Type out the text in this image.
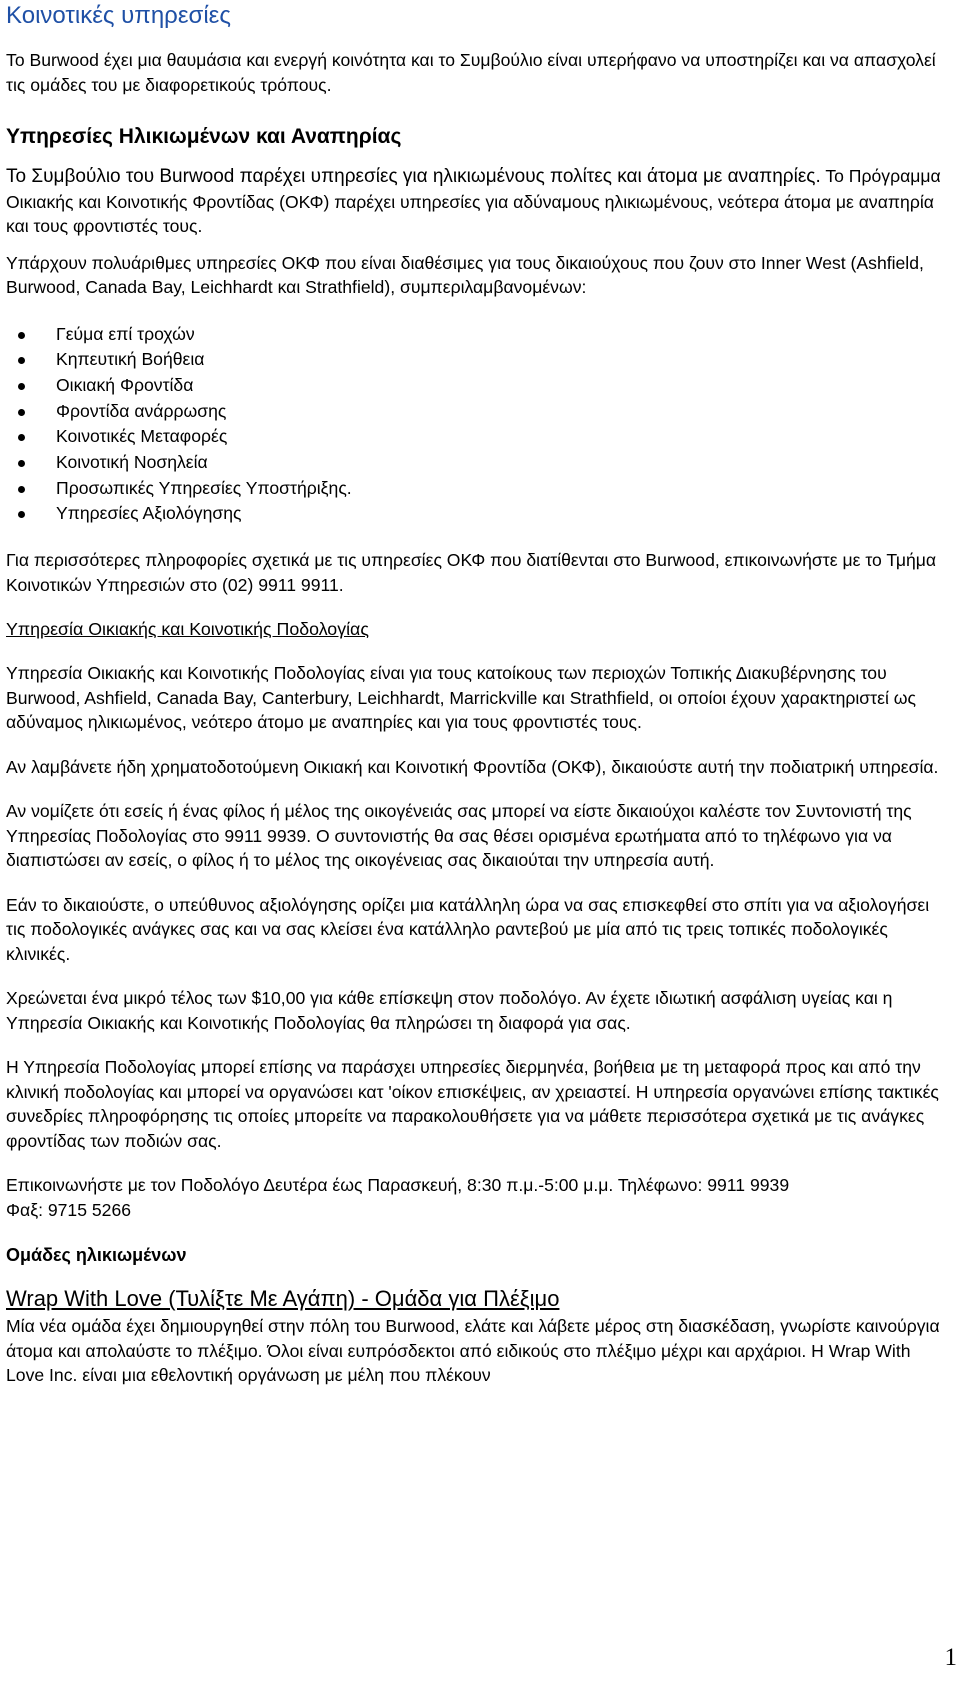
Κοινοτικές υπηρεσίες

Το Burwood έχει μια θαυμάσια και ενεργή κοινότητα και το Συμβούλιο είναι υπερήφανο να υποστηρίζει και να απασχολεί τις ομάδες του με διαφορετικούς τρόπους.

Υπηρεσίες Ηλικιωμένων και Αναπηρίας

Το Συμβούλιο του Burwood παρέχει υπηρεσίες για ηλικιωμένους πολίτες και άτομα με αναπηρίες. Το Πρόγραμμα Οικιακής και Κοινοτικής Φροντίδας (ΟΚΦ) παρέχει υπηρεσίες για αδύναμους ηλικιωμένους, νεότερα άτομα με αναπηρία και τους φροντιστές τους.

Υπάρχουν πολυάριθμες υπηρεσίες ΟΚΦ που είναι διαθέσιμες για τους δικαιούχους που ζουν στο Inner West (Ashfield, Burwood, Canada Bay, Leichhardt και Strathfield), συμπεριλαμβανομένων:

Γεύμα επί τροχών
Κηπευτική Βοήθεια
Οικιακή Φροντίδα
Φροντίδα ανάρρωσης
Κοινοτικές Μεταφορές
Κοινοτική Νοσηλεία
Προσωπικές Υπηρεσίες Υποστήριξης.
Υπηρεσίες Αξιολόγησης

Για περισσότερες πληροφορίες σχετικά με τις υπηρεσίες ΟΚΦ που διατίθενται στο Burwood, επικοινωνήστε με το Τμήμα Κοινοτικών Υπηρεσιών στο (02) 9911 9911.

Υπηρεσία Οικιακής και Κοινοτικής Ποδολογίας

Υπηρεσία Οικιακής και Κοινοτικής Ποδολογίας είναι για τους κατοίκους των περιοχών Τοπικής Διακυβέρνησης του Burwood, Ashfield, Canada Bay, Canterbury, Leichhardt, Marrickville και Strathfield, οι οποίοι έχουν χαρακτηριστεί ως αδύναμος ηλικιωμένος, νεότερο άτομο με αναπηρίες και για τους φροντιστές τους.

Αν λαμβάνετε ήδη χρηματοδοτούμενη Οικιακή και Κοινοτική Φροντίδα (ΟΚΦ), δικαιούστε αυτή την ποδιατρική υπηρεσία.

Αν νομίζετε ότι εσείς ή ένας φίλος ή μέλος της οικογένειάς σας μπορεί να είστε δικαιούχοι καλέστε τον Συντονιστή της Υπηρεσίας Ποδολογίας στο 9911 9939. Ο συντονιστής θα σας θέσει ορισμένα ερωτήματα από το τηλέφωνο για να διαπιστώσει αν εσείς, ο φίλος ή το μέλος της οικογένειας σας δικαιούται την υπηρεσία αυτή.

Εάν το δικαιούστε, ο υπεύθυνος αξιολόγησης ορίζει μια κατάλληλη ώρα να σας επισκεφθεί στο σπίτι για να αξιολογήσει τις ποδολογικές ανάγκες σας και να σας κλείσει ένα κατάλληλο ραντεβού με μία από τις τρεις τοπικές ποδολογικές κλινικές.

Χρεώνεται ένα μικρό τέλος των $10,00 για κάθε επίσκεψη στον ποδολόγο. Αν έχετε ιδιωτική ασφάλιση υγείας και η Υπηρεσία Οικιακής και Κοινοτικής Ποδολογίας θα πληρώσει τη διαφορά για σας.

Η Υπηρεσία Ποδολογίας μπορεί επίσης να παράσχει υπηρεσίες διερμηνέα, βοήθεια με τη μεταφορά προς και από την κλινική ποδολογίας και μπορεί να οργανώσει κατ 'οίκον επισκέψεις, αν χρειαστεί. Η υπηρεσία οργανώνει επίσης τακτικές συνεδρίες πληροφόρησης τις οποίες μπορείτε να παρακολουθήσετε για να μάθετε περισσότερα σχετικά με τις ανάγκες φροντίδας των ποδιών σας.

Επικοινωνήστε με τον Ποδολόγο Δευτέρα έως Παρασκευή, 8:30 π.μ.-5:00 μ.μ. Τηλέφωνο: 9911 9939

Φαξ: 9715 5266

Ομάδες ηλικιωμένων
Wrap With Love (Τυλίξτε Με Αγάπη) - Ομάδα για Πλέξιμο

Μία νέα ομάδα έχει δημιουργηθεί στην πόλη του Burwood, ελάτε και λάβετε μέρος στη διασκέδαση, γνωρίστε καινούργια άτομα και απολαύστε το πλέξιμο. Όλοι είναι ευπρόσδεκτοι από ειδικούς στο πλέξιμο μέχρι και αρχάριοι. Η Wrap With Love Inc. είναι μια εθελοντική οργάνωση με μέλη που πλέκουν

1
